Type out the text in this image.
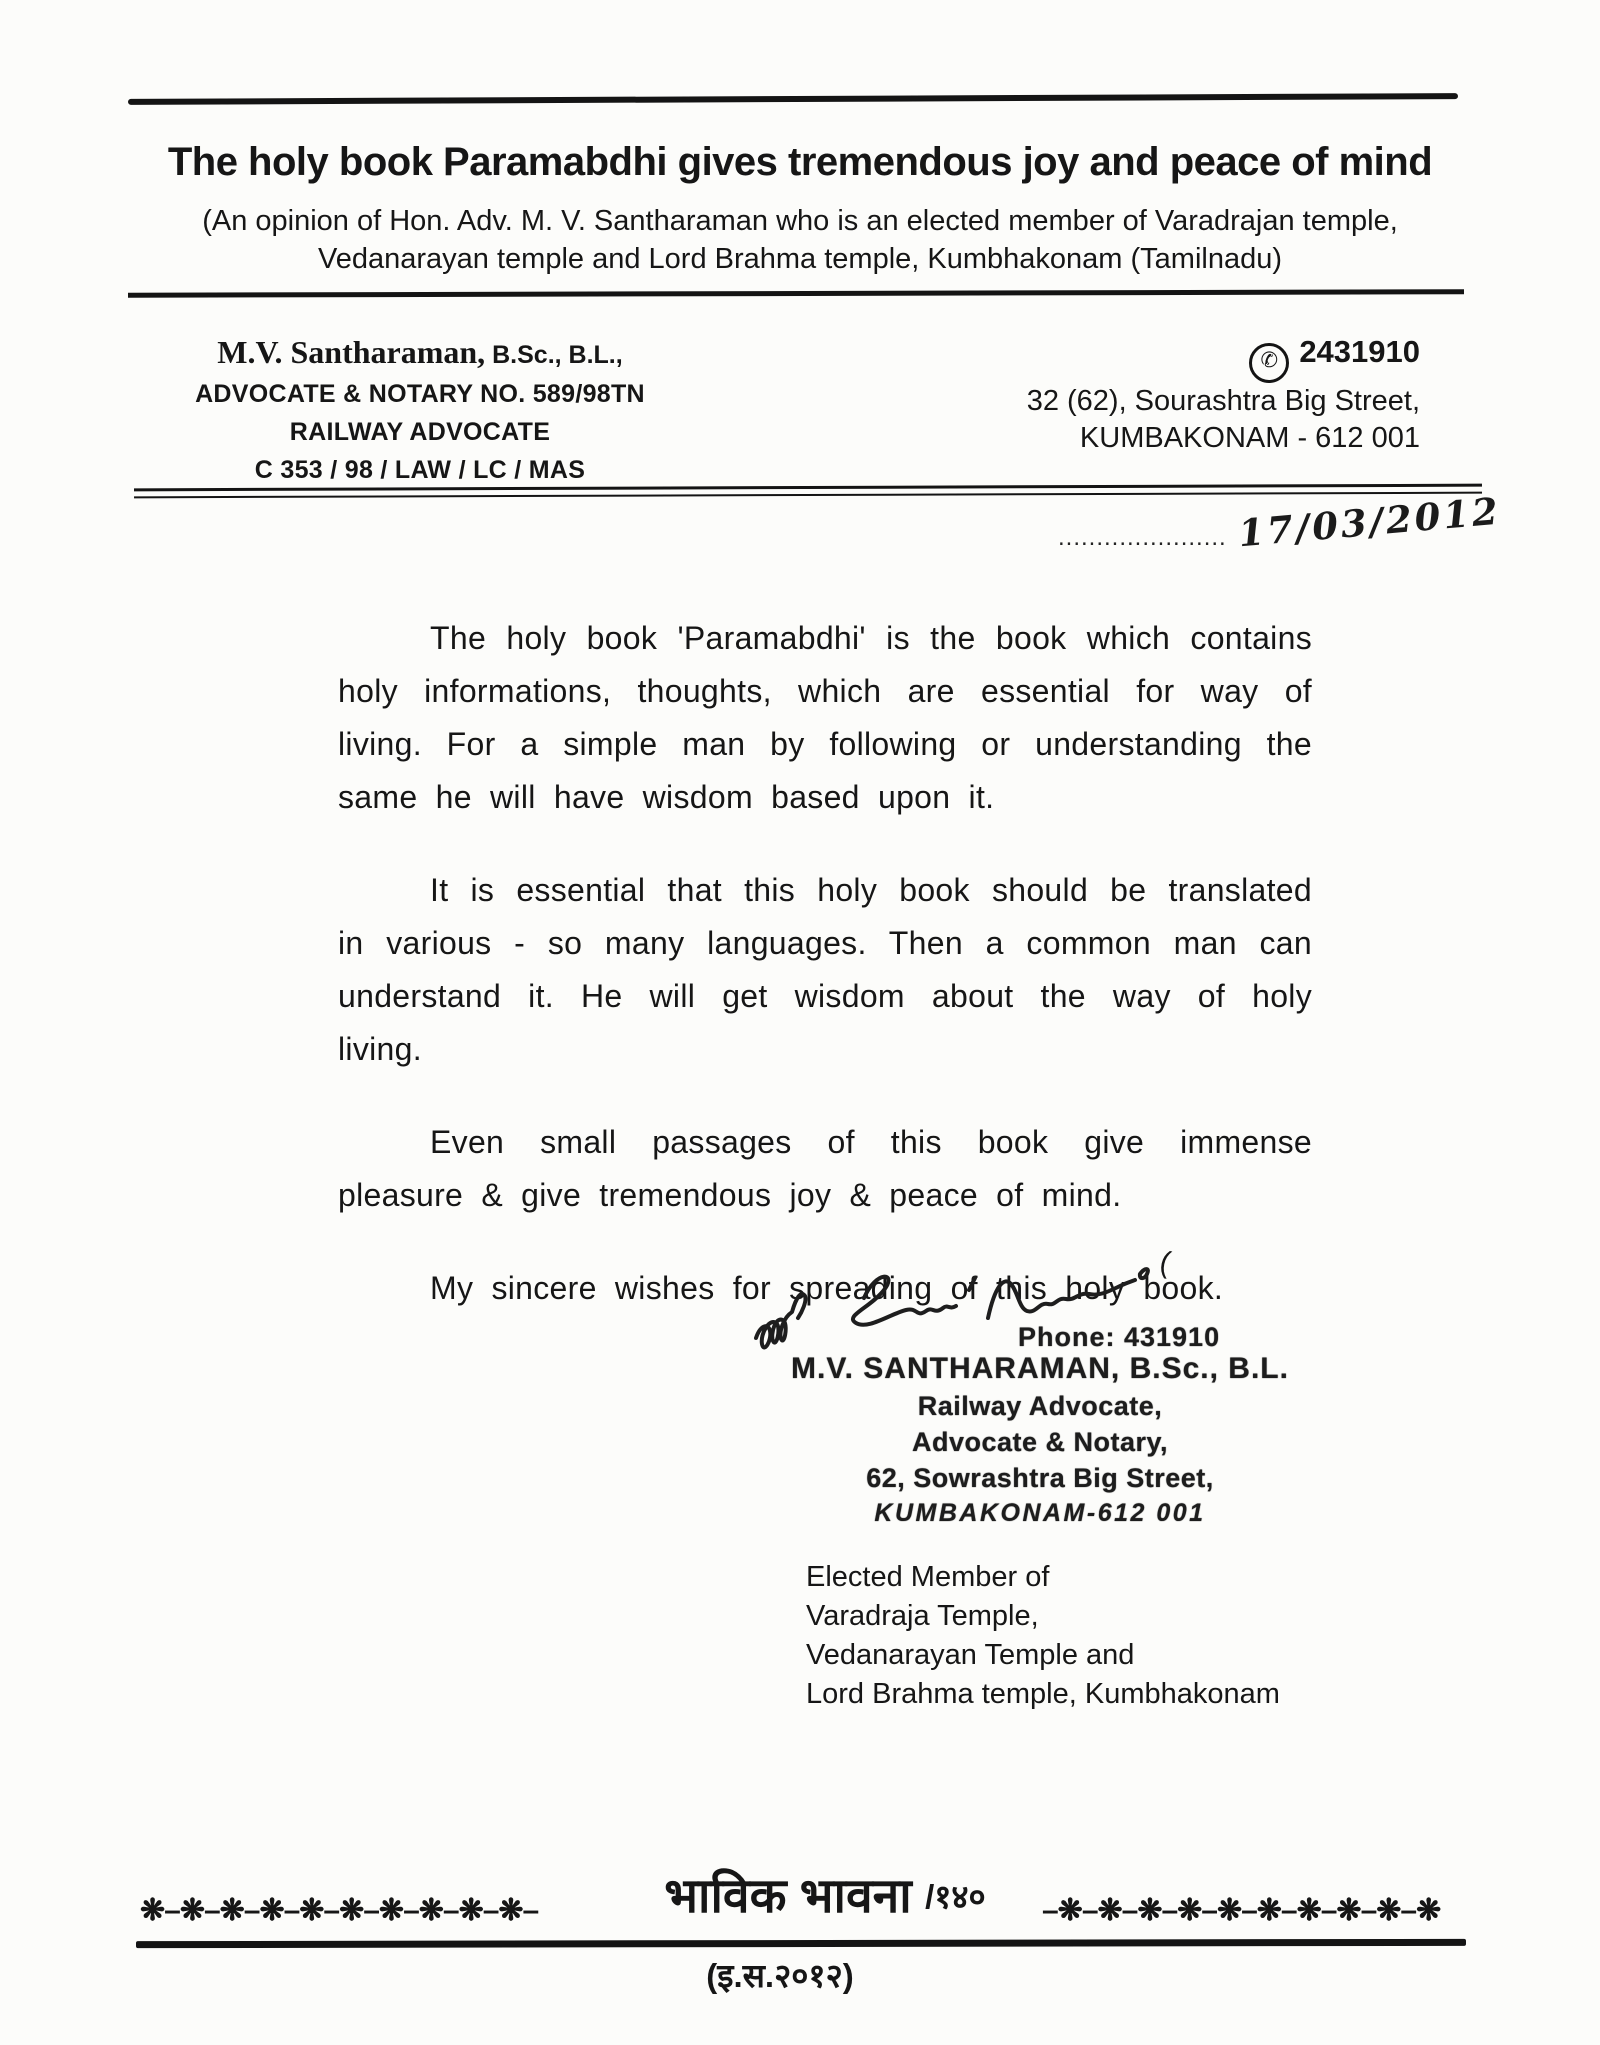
The holy book Paramabdhi gives tremendous joy and peace of mind
(An opinion of Hon. Adv. M. V. Santharaman who is an elected member of Varadrajan temple, Vedanarayan temple and Lord Brahma temple, Kumbhakonam (Tamilnadu)
M.V. Santharaman, B.Sc., B.L.,
ADVOCATE & NOTARY NO. 589/98TN
RAILWAY ADVOCATE
C 353 / 98 / LAW / LC / MAS
✆ 2431910
32 (62), Sourashtra Big Street,
KUMBAKONAM - 612 001
...................... 17/03/2012

The holy book 'Paramabdhi' is the book which contains holy informations, thoughts, which are essential for way of living. For a simple man by following or understanding the same he will have wisdom based upon it.

It is essential that this holy book should be translated in various - so many languages. Then a common man can understand it. He will get wisdom about the way of holy living.

Even small passages of this book give immense pleasure & give tremendous joy & peace of mind.

My sincere wishes for spreading of this holy book.

(
Phone: 431910
M.V. SANTHARAMAN, B.Sc., B.L.
Railway Advocate,
Advocate & Notary,
62, Sowrashtra Big Street,
KUMBAKONAM-612 001
Elected Member of
Varadraja Temple,
Vedanarayan Temple and
Lord Brahma temple, Kumbhakonam
❋–❋–❋–❋–❋–❋–❋–❋–❋–❋–	भाविक भावना /१४०	–❋–❋–❋–❋–❋–❋–❋–❋–❋–❋
(इ.स.२०१२)
